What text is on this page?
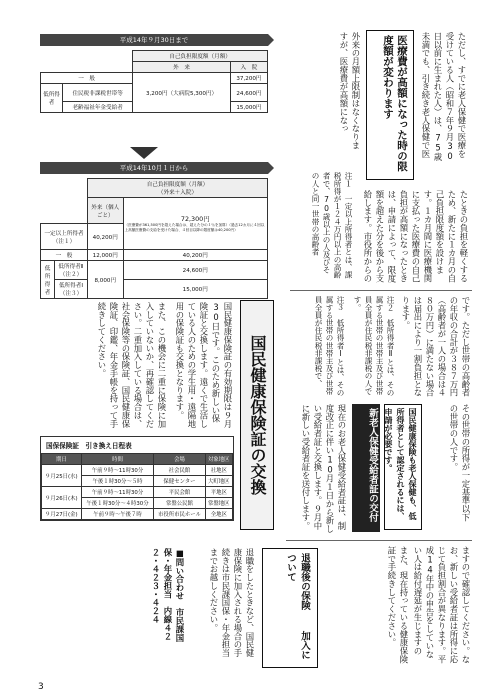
ただし、すでに老人保健で医療を受けている人（昭和７年９月30日以前に生まれた人）は、75歳未満でも、引き続き老人保健で医
医療費が高額になった時の限度額が変わります
外来の月額上限制はなくなりますが、医療費が高額になっ
平成14年９月30日まで
		自己負担限度額（月額）	
		外　来	入　院
一　般		3,200円（大病院5,300円）	37,200円
低所得者	住民税非課税世帯等		24,600円
	老齢福祉年金受給者		15,000円
平成14年10月１日から
		自己負担限度額（月額）
（外来＋入院）	
		外来（個人ごと）	72,300円
（医療費が361,500円を超えた場合は、超えた分の１％を加算）（過去12カ月に４回以上高額医療費の支給を受けた場合、４回目以降の限度額は40,200円）

一定以上所得者（注１）		40,200円	
一　般		12,000円	40,200円
低所得者	低所得者Ⅱ（注２）	8,000円	24,600円
	低所得者Ⅰ（注３）		15,000円
たときの負担を軽くするため、新たに１カ月の自己負担限度額を設けます。１カ月間に医療機関に支払った医療費の自己負担が高額になったときは、申請によって、限度額を超えた分を後から支給します。市役所からの
注１　一定以上所得者とは、課税所得が１２４万円以上の高齢者で、70歳以上の人及びその人と同一世帯の高齢者
です。ただし世帯の高齢者の年収の合計が３８７万円（高齢者が一人の場合は４８０万円）に満たない場合は届出により一割負担となります。
注２　低所得者Ⅱとは、その属する世帯の世帯主及び世帯員全員が住民税非課税の人です。
注３　低所得者Ⅰとは、その属する世帯の世帯主及び世帯員全員が住民税非課税で、
国民健康保険証の有効期限は９月30日です。このため新しい保険証と交換します。遠くで生活している人のための学生用・遠隔地用の保険証も交換となります。
また、この機会に二重に保険に加入していないか、再確認してください。二重加入している場合は、社会保険等の保険証、国民健康保険証、印鑑、年金手帳を持って手続きしてください。	国民健康保険証の交換
国保保険証　引き換え日程表
期日	時間	会場	対象地区
９月25日(水)	午前９時〜11時30分	社会民館	社地区
	午後１時30分〜５時	保健センター	大町地区
９月26日(木)	午前９時〜11時30分	平民会館	平地区
	午後１時30分〜４時30分	常盤公民館	常盤地区
９月27日(金)	午前９時〜午後７時	市役所市民ホール	全地区	その世帯の所得が一定基準以下の世帯の人です。
国民健康保険も老人保健も、低所得者として認定されるには、申請が必要です。
新老人保健受給者証の交付
現在のお老人保健受給者証は、制度改正に伴い10月１日から新しい受給者証と交換します。９月中に新しい受給者証を送付します。
ますので確認してください。なお、新しい受給者証は所得に応じて負担割合が異なります。平成14年中の申告をしていない人は給付遅延が生じますの
また、現在持っている健康保険証で手続きしてください。
退職後の保険 加入について
退職をしたときなど、国民健康保険に加入される場合の手続きは市民課国保・年金担当までお越しください。
■問い合わせ　市民課国保・年金担当　内線４２２・４２３・４２４
3
